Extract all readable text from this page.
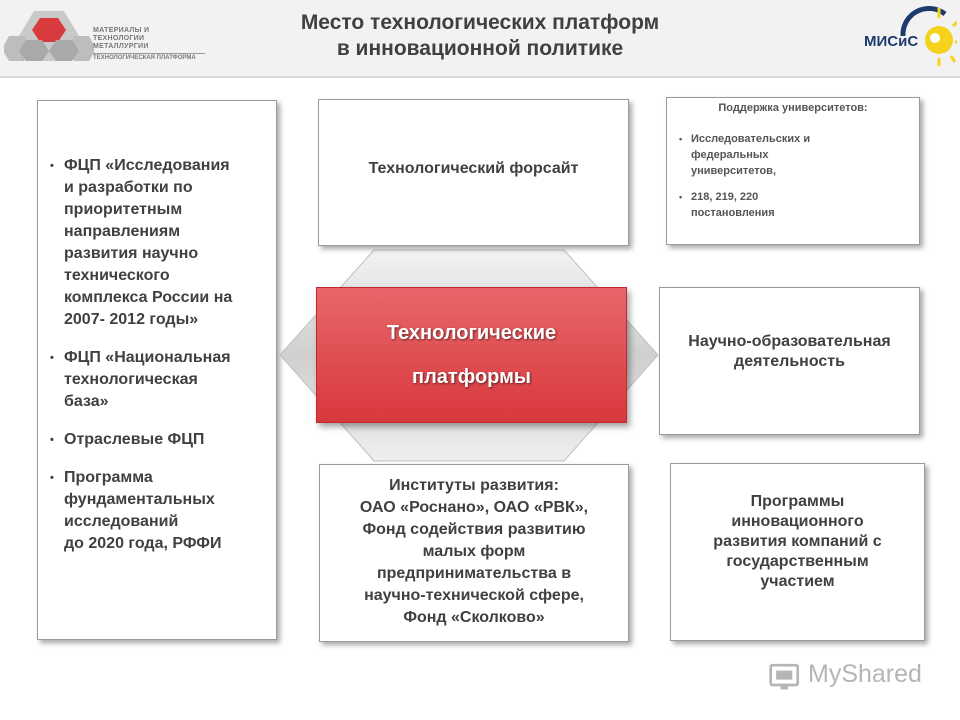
МАТЕРИАЛЫ И
ТЕХНОЛОГИИ
МЕТАЛЛУРГИИ
ТЕХНОЛОГИЧЕСКАЯ ПЛАТФОРМА
Место технологических платформ
в инновационной политике	МИСиС
• ФЦП «Исследования
и разработки по
приоритетным
направлениям
развития научно
технического
комплекса России на
2007- 2012 годы»
• ФЦП «Национальная
технологическая
база»
• Отраслевые ФЦП
• Программа
фундаментальных
исследований
до 2020 года, РФФИ
Технологические
платформы
Технологический форсайт
Поддержка университетов:
• Исследовательских и
федеральных
университетов,
• 218, 219, 220
постановления
Научно-образовательная
деятельность
Институты развития:
ОАО «Роснано», ОАО «РВК»,
Фонд содействия развитию
малых форм
предпринимательства в
научно-технической сфере,
Фонд «Сколково»
Программы
инновационного
развития компаний с
государственным
участием
MyShared
